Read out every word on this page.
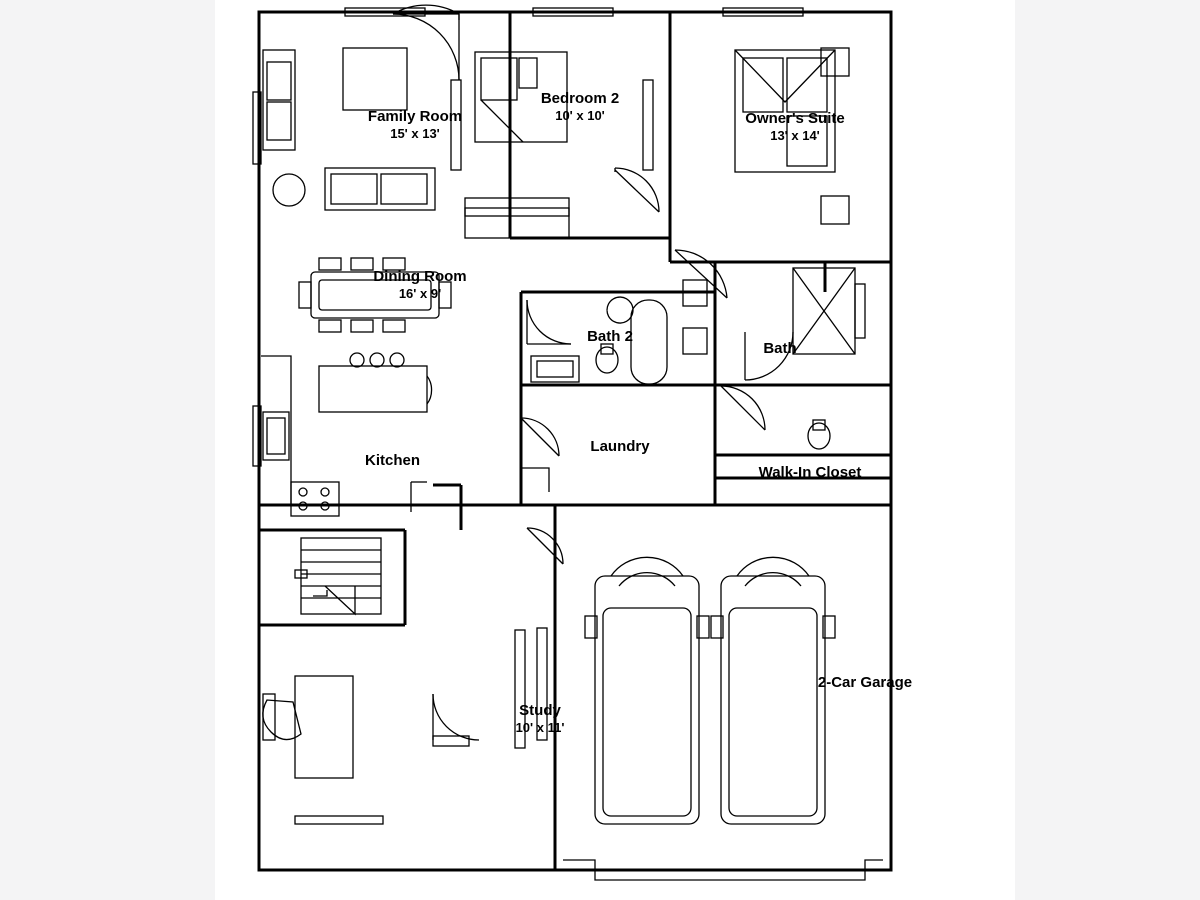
Family Room
15' x 13'
Bedroom 2
10' x 10'	Owner's Suite
13' x 14'
Dining Room
16' x 9'
Bath 2
Bath
Kitchen
Laundry
Walk-In Closet
2-Car Garage
Study
10' x 11'
